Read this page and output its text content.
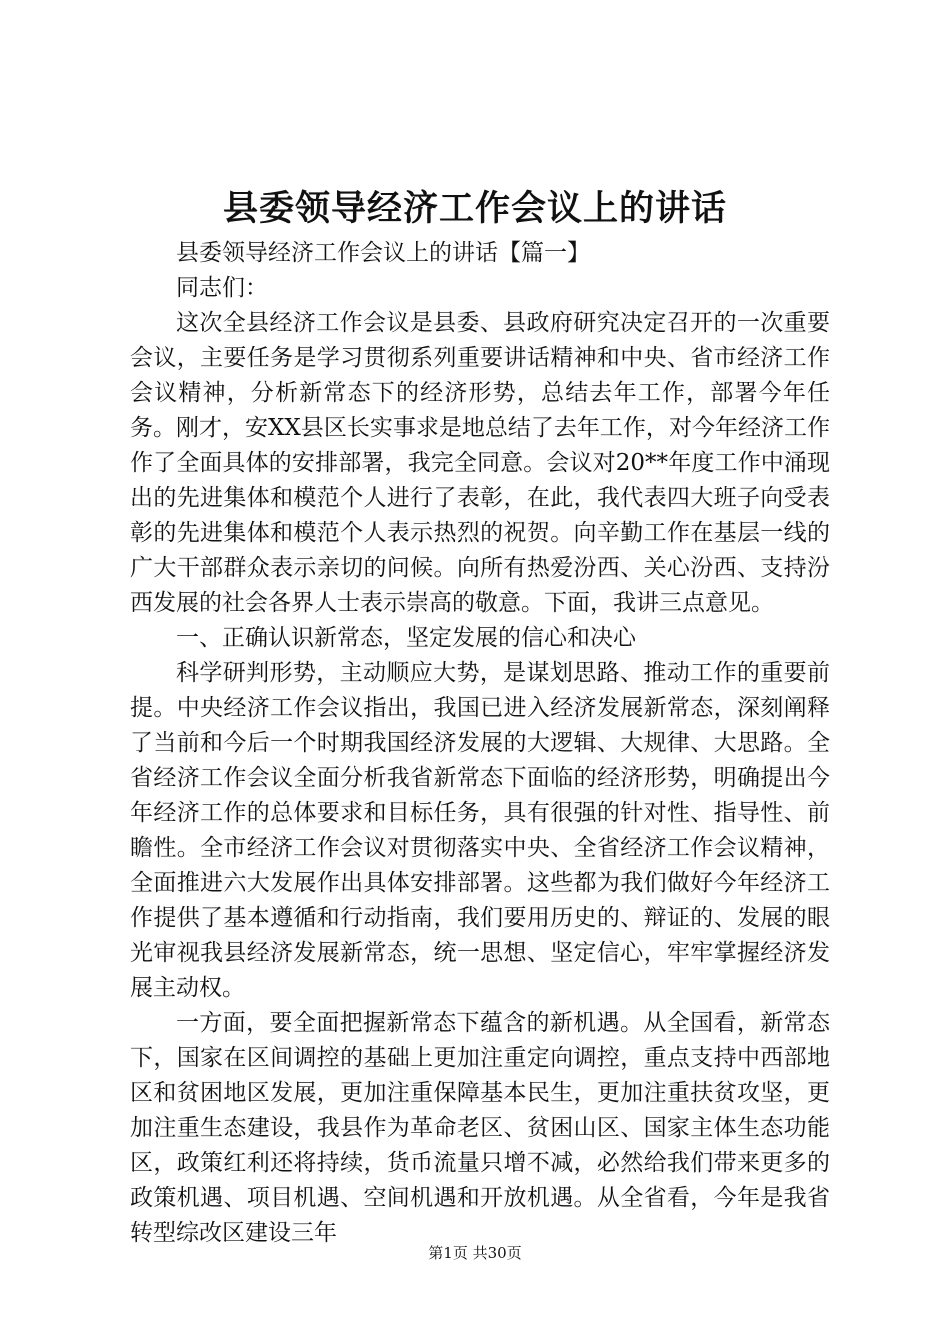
县委领导经济工作会议上的讲话

县委领导经济工作会议上的讲话【篇一】

同志们：

这次全县经济工作会议是县委、县政府研究决定召开的一次重要会议，主要任务是学习贯彻系列重要讲话精神和中央、省市经济工作会议精神，分析新常态下的经济形势，总结去年工作，部署今年任务。刚才，安XX县区长实事求是地总结了去年工作，对今年经济工作作了全面具体的安排部署，我完全同意。会议对20**年度工作中涌现出的先进集体和模范个人进行了表彰，在此，我代表四大班子向受表彰的先进集体和模范个人表示热烈的祝贺。向辛勤工作在基层一线的广大干部群众表示亲切的问候。向所有热爱汾西、关心汾西、支持汾西发展的社会各界人士表示崇高的敬意。下面，我讲三点意见。

一、正确认识新常态，坚定发展的信心和决心

科学研判形势，主动顺应大势，是谋划思路、推动工作的重要前提。中央经济工作会议指出，我国已进入经济发展新常态，深刻阐释了当前和今后一个时期我国经济发展的大逻辑、大规律、大思路。全省经济工作会议全面分析我省新常态下面临的经济形势，明确提出今年经济工作的总体要求和目标任务，具有很强的针对性、指导性、前瞻性。全市经济工作会议对贯彻落实中央、全省经济工作会议精神，全面推进六大发展作出具体安排部署。这些都为我们做好今年经济工作提供了基本遵循和行动指南，我们要用历史的、辩证的、发展的眼光审视我县经济发展新常态，统一思想、坚定信心，牢牢掌握经济发展主动权。

一方面，要全面把握新常态下蕴含的新机遇。从全国看，新常态下，国家在区间调控的基础上更加注重定向调控，重点支持中西部地区和贫困地区发展，更加注重保障基本民生，更加注重扶贫攻坚，更加注重生态建设，我县作为革命老区、贫困山区、国家主体生态功能区，政策红利还将持续，货币流量只增不减，必然给我们带来更多的政策机遇、项目机遇、空间机遇和开放机遇。从全省看，今年是我省转型综改区建设三年

第1页 共30页
